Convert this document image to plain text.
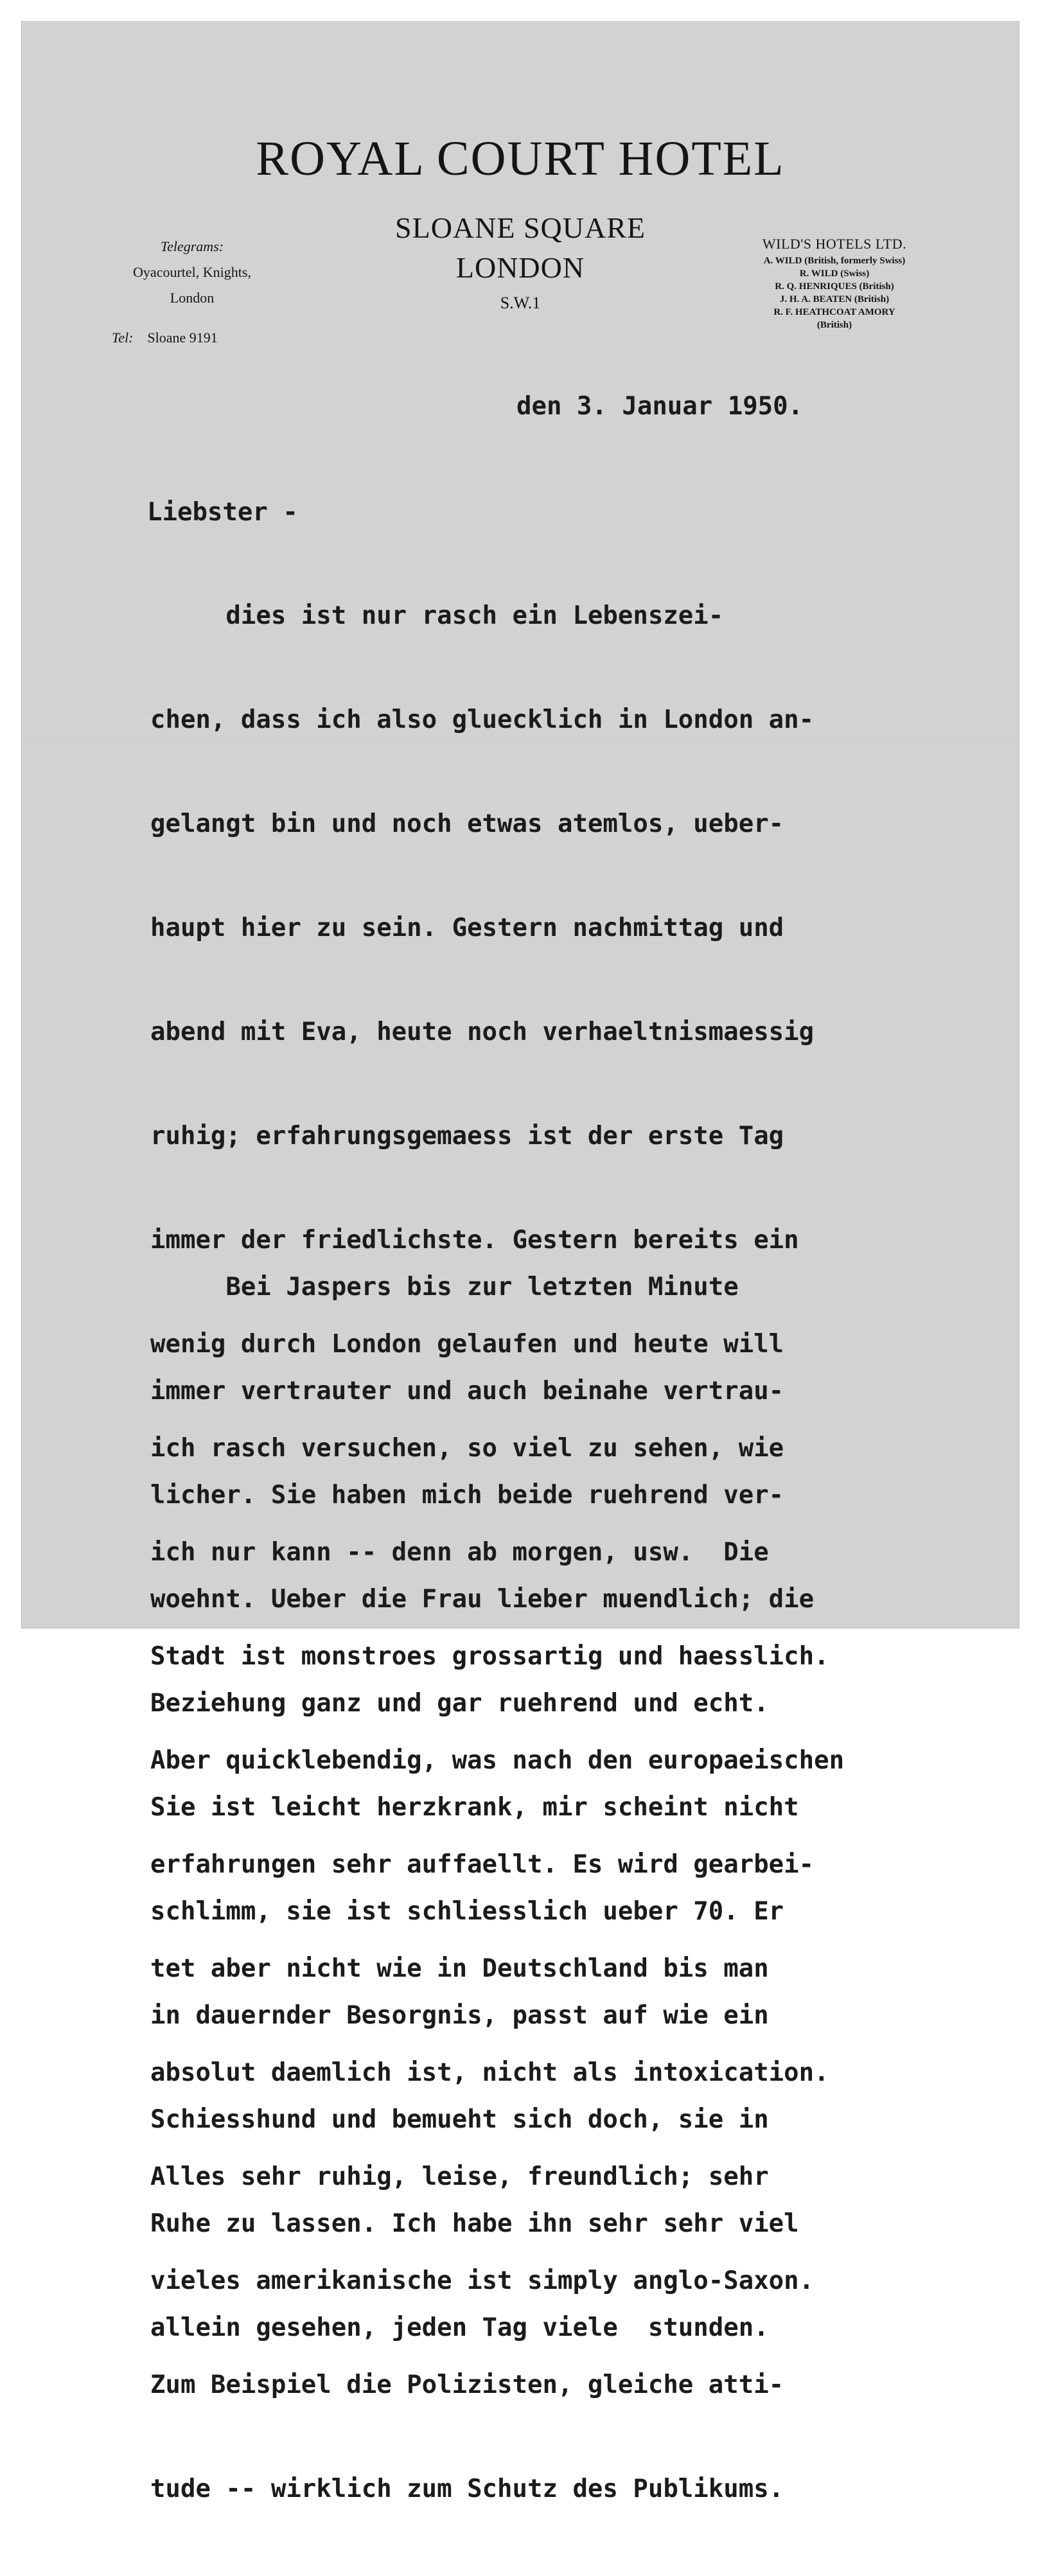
ROYAL COURT HOTEL
SLOANE SQUARE
LONDON
S.W.1
Telegrams:
Oyacourtel, Knights,
London
Tel: Sloane 9191
WILD'S HOTELS LTD.
A. WILD (British, formerly Swiss)
R. WILD (Swiss)
R. Q. HENRIQUES (British)
J. H. A. BEATEN (British)
R. F. HEATHCOAT AMORY
(British)
den 3. Januar 1950.
Liebster -

dies ist nur rasch ein Lebenszei-

chen, dass ich also gluecklich in London an-

gelangt bin und noch etwas atemlos, ueber-

haupt hier zu sein. Gestern nachmittag und

abend mit Eva, heute noch verhaeltnismaessig

ruhig; erfahrungsgemaess ist der erste Tag

immer der friedlichste. Gestern bereits ein

wenig durch London gelaufen und heute will

ich rasch versuchen, so viel zu sehen, wie

ich nur kann -- denn ab morgen, usw.  Die

Stadt ist monstroes grossartig und haesslich.

Aber quicklebendig, was nach den europaeischen

erfahrungen sehr auffaellt. Es wird gearbei-

tet aber nicht wie in Deutschland bis man

absolut daemlich ist, nicht als intoxication.

Alles sehr ruhig, leise, freundlich; sehr

vieles amerikanische ist simply anglo-Saxon.

Zum Beispiel die Polizisten, gleiche atti-

tude -- wirklich zum Schutz des Publikums.

Bei Jaspers bis zur letzten Minute

immer vertrauter und auch beinahe vertrau-

licher. Sie haben mich beide ruehrend ver-

woehnt. Ueber die Frau lieber muendlich; die

Beziehung ganz und gar ruehrend und echt.

Sie ist leicht herzkrank, mir scheint nicht

schlimm, sie ist schliesslich ueber 70. Er

in dauernder Besorgnis, passt auf wie ein

Schiesshund und bemueht sich doch, sie in

Ruhe zu lassen. Ich habe ihn sehr sehr viel

allein gesehen, jeden Tag viele  stunden.
